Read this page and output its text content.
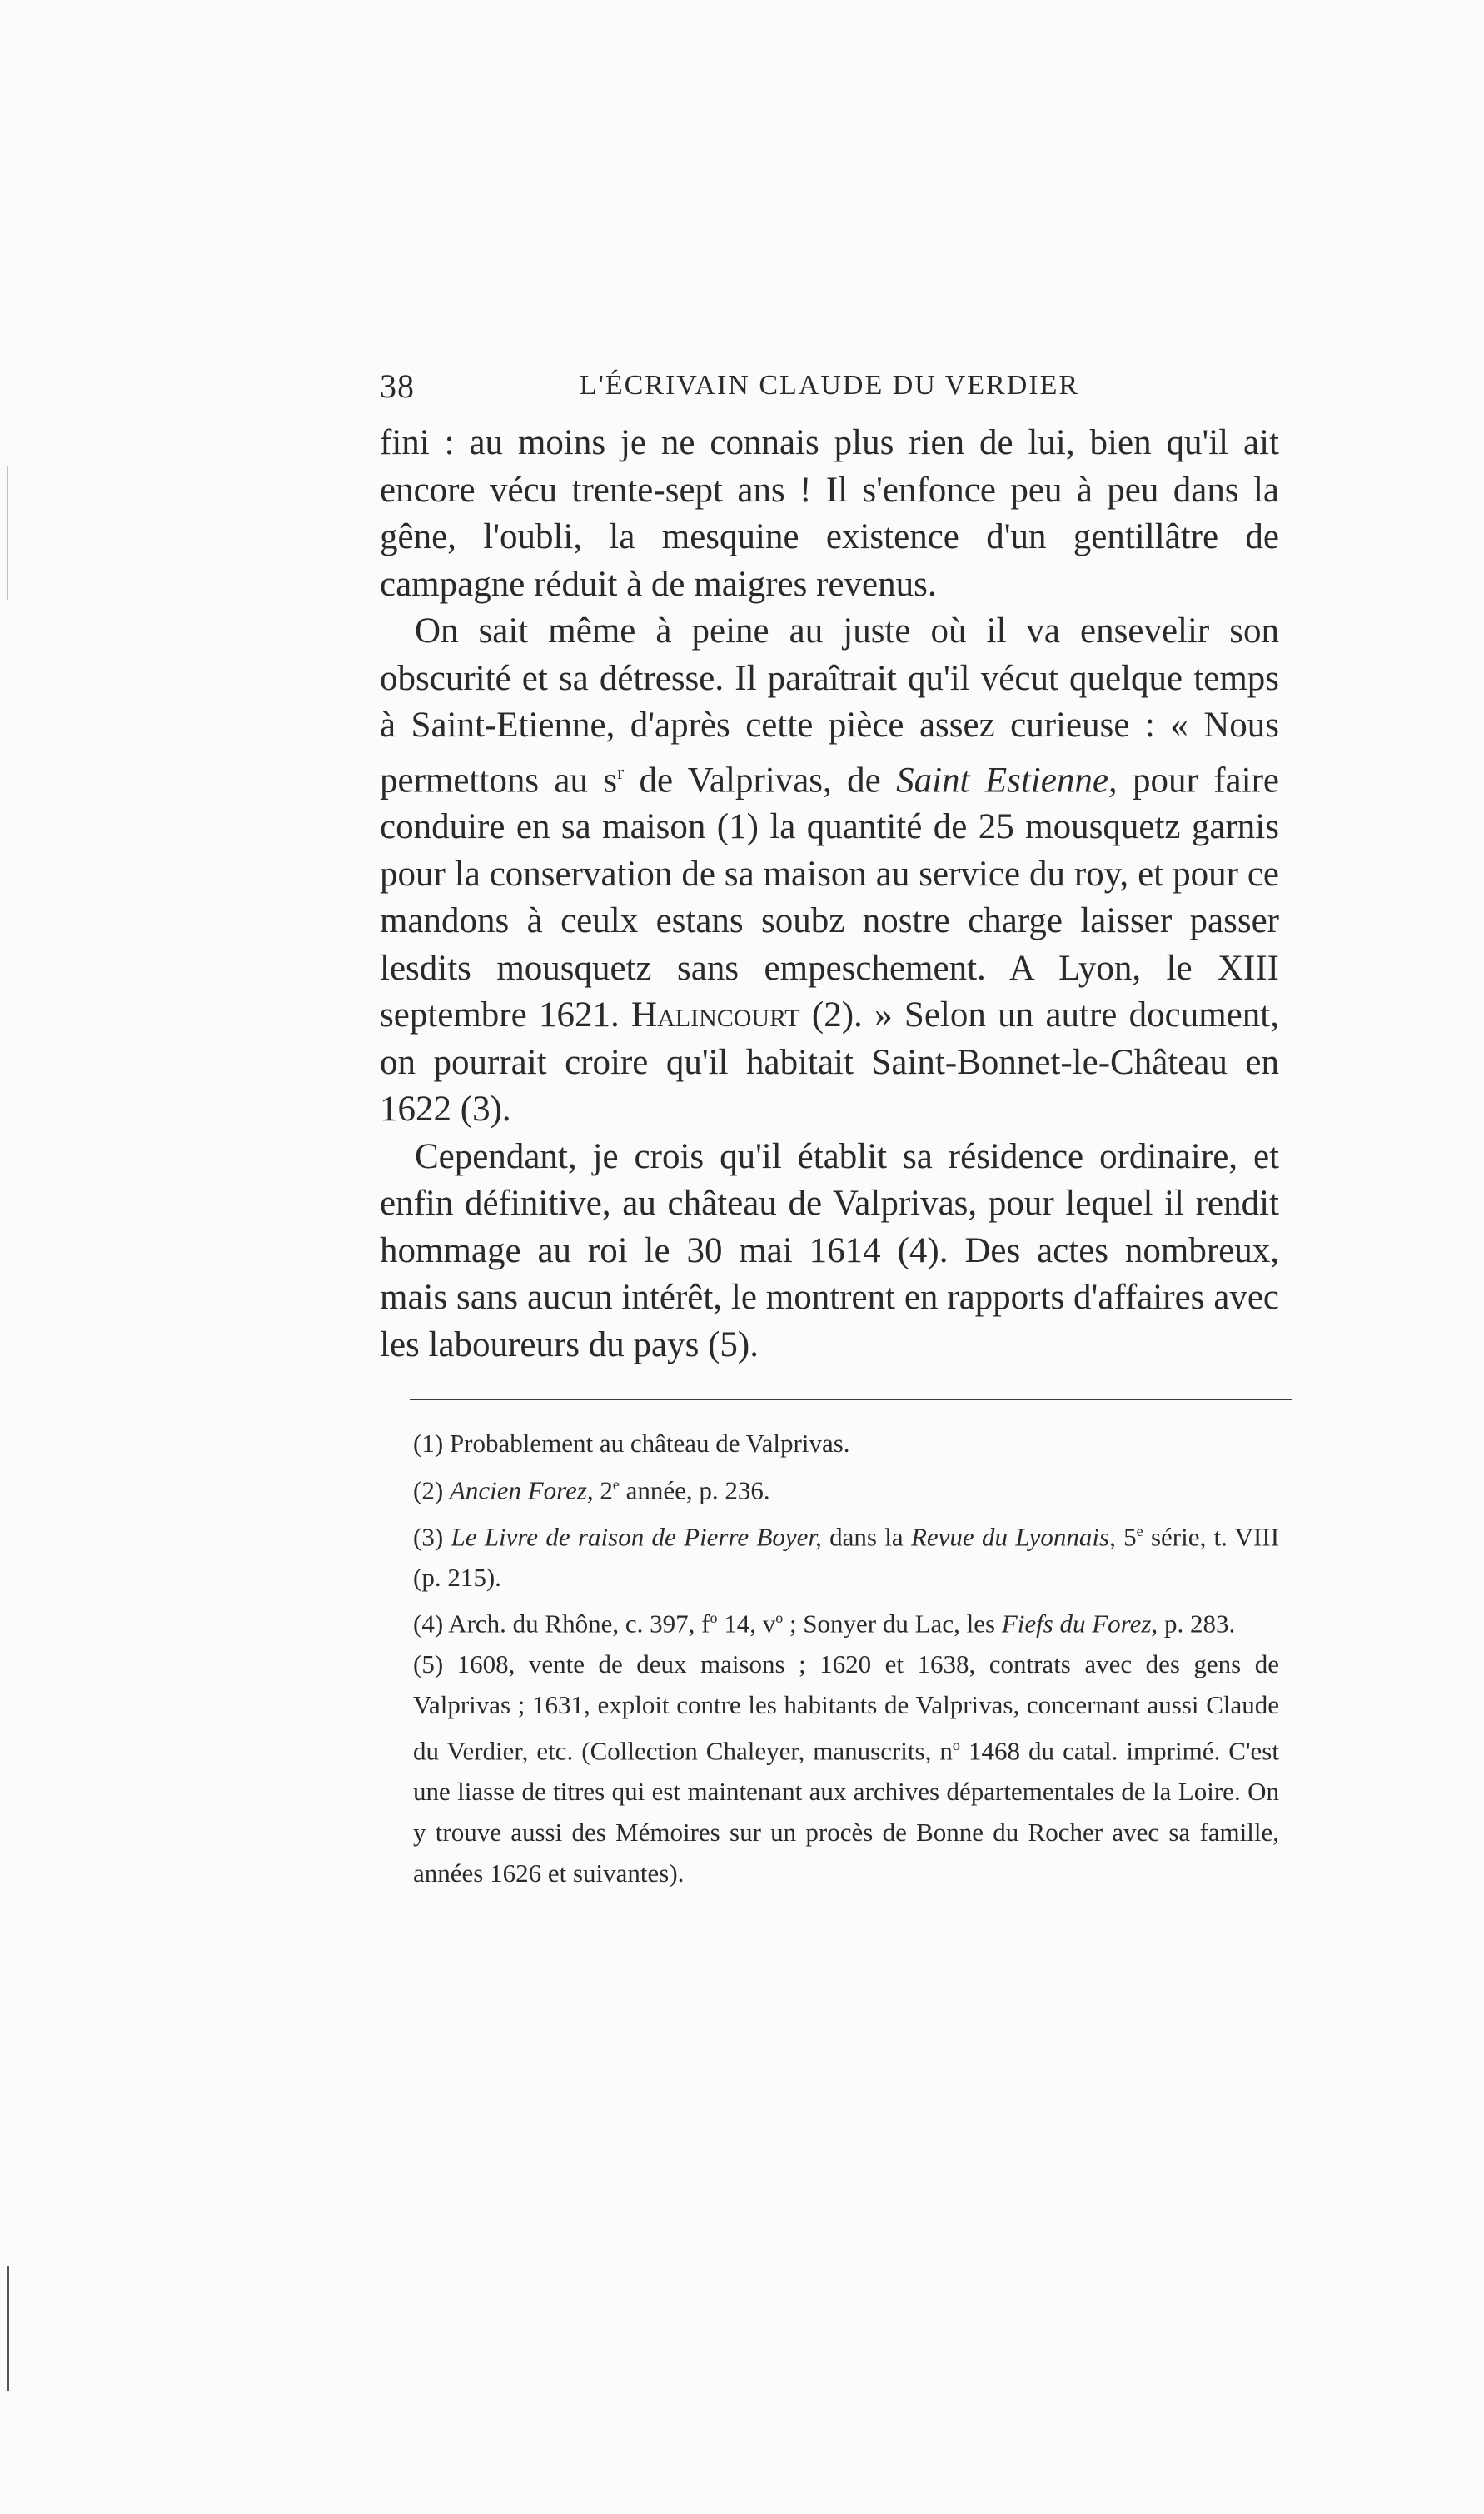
38	L'ÉCRIVAIN CLAUDE DU VERDIER

fini : au moins je ne connais plus rien de lui, bien qu'il ait encore vécu trente-sept ans ! Il s'enfonce peu à peu dans la gêne, l'oubli, la mesquine existence d'un gentillâtre de campagne réduit à de maigres revenus.

On sait même à peine au juste où il va ensevelir son obscurité et sa détresse. Il paraîtrait qu'il vécut quelque temps à Saint-Etienne, d'après cette pièce assez curieuse : « Nous permettons au $s^r$ de Valprivas, de Saint Estienne, pour faire conduire en sa maison (1) la quantité de 25 mousquetz garnis pour la conservation de sa maison au service du roy, et pour ce mandons à ceulx estans soubz nostre charge laisser passer lesdits mousquetz sans empeschement. A Lyon, le XIII septembre 1621. Halincourt (2). » Selon un autre document, on pourrait croire qu'il habitait Saint-Bonnet-le-Château en 1622 (3).

Cependant, je crois qu'il établit sa résidence ordinaire, et enfin définitive, au château de Valprivas, pour lequel il rendit hommage au roi le 30 mai 1614 (4). Des actes nombreux, mais sans aucun intérêt, le montrent en rapports d'affaires avec les laboureurs du pays (5).

(1) Probablement au château de Valprivas.

(2) Ancien Forez, 2e année, p. 236.

(3) Le Livre de raison de Pierre Boyer, dans la Revue du Lyonnais, 5e série, t. VIII (p. 215).

(4) Arch. du Rhône, c. 397, $f^o$ 14, $v^o$ ; Sonyer du Lac, les Fiefs du Forez, p. 283.

(5) 1608, vente de deux maisons ; 1620 et 1638, contrats avec des gens de Valprivas ; 1631, exploit contre les habitants de Valprivas, concernant aussi Claude du Verdier, etc. (Collection Chaleyer, manuscrits, $n^o$ 1468 du catal. imprimé. C'est une liasse de titres qui est maintenant aux archives départementales de la Loire. On y trouve aussi des Mémoires sur un procès de Bonne du Rocher avec sa famille, années 1626 et suivantes).
